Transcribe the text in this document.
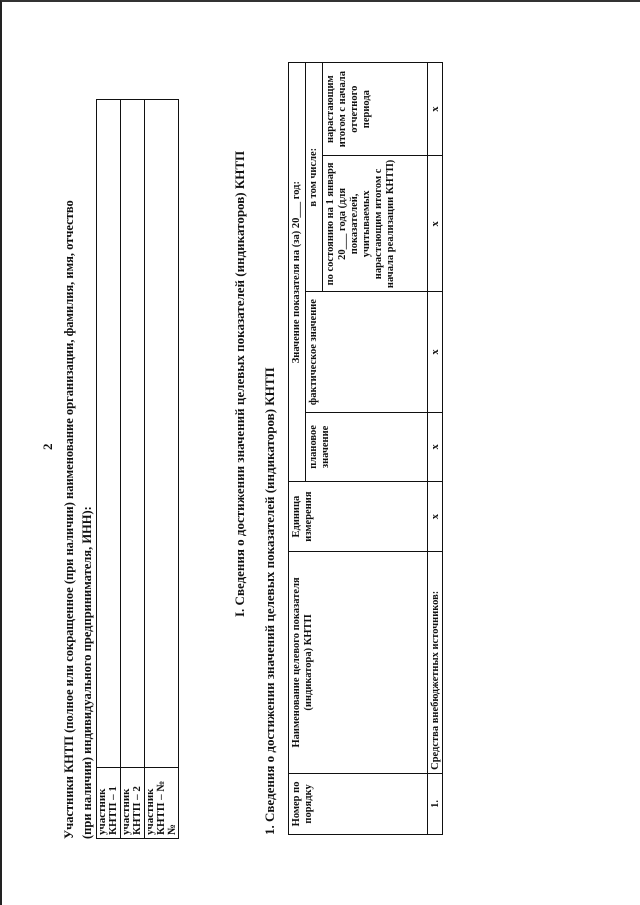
2 Участники КНТП (полное или сокращенное (при наличии) наименование организации, фамилия, имя, отчество (при наличии) индивидуального предпринимателя, ИНН): участник КНТП – 1	

участник КНТП – 2	

участник КНТП – №№	

I. Сведения о достижении значений целевых показателей (индикаторов) КНТП 1. Сведения о достижении значений целевых показателей (индикаторов) КНТП Номер по порядку	Наименование целевого показателя (индикатора) КНТП	Единица измерения	Значение показателя на (за) 20___ год:			
			плановое значение	фактическое значение	в том числе:	
					по состоянию на 1 января 20___ года (для показателей, учитываемых нарастающим итогом с начала реализации КНТП)	нарастающим итогом с начала отчетного периода
1.	Средства внебюджетных источников:	х	х	х	х	х
